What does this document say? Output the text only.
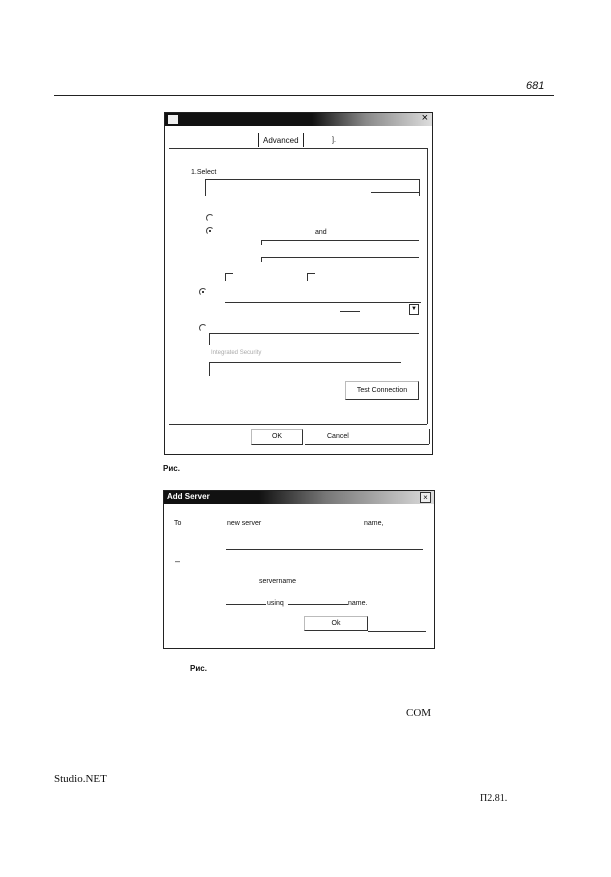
681
×
Advanced	].
1.Select
and
▼
Integrated Security
Test Connection
OK	Cancel
Рис.
Add Server	×
To	new server	namе,
–
servername
usinq	name.
Ok
Рис.
COM
Studio.NET
П2.81.
